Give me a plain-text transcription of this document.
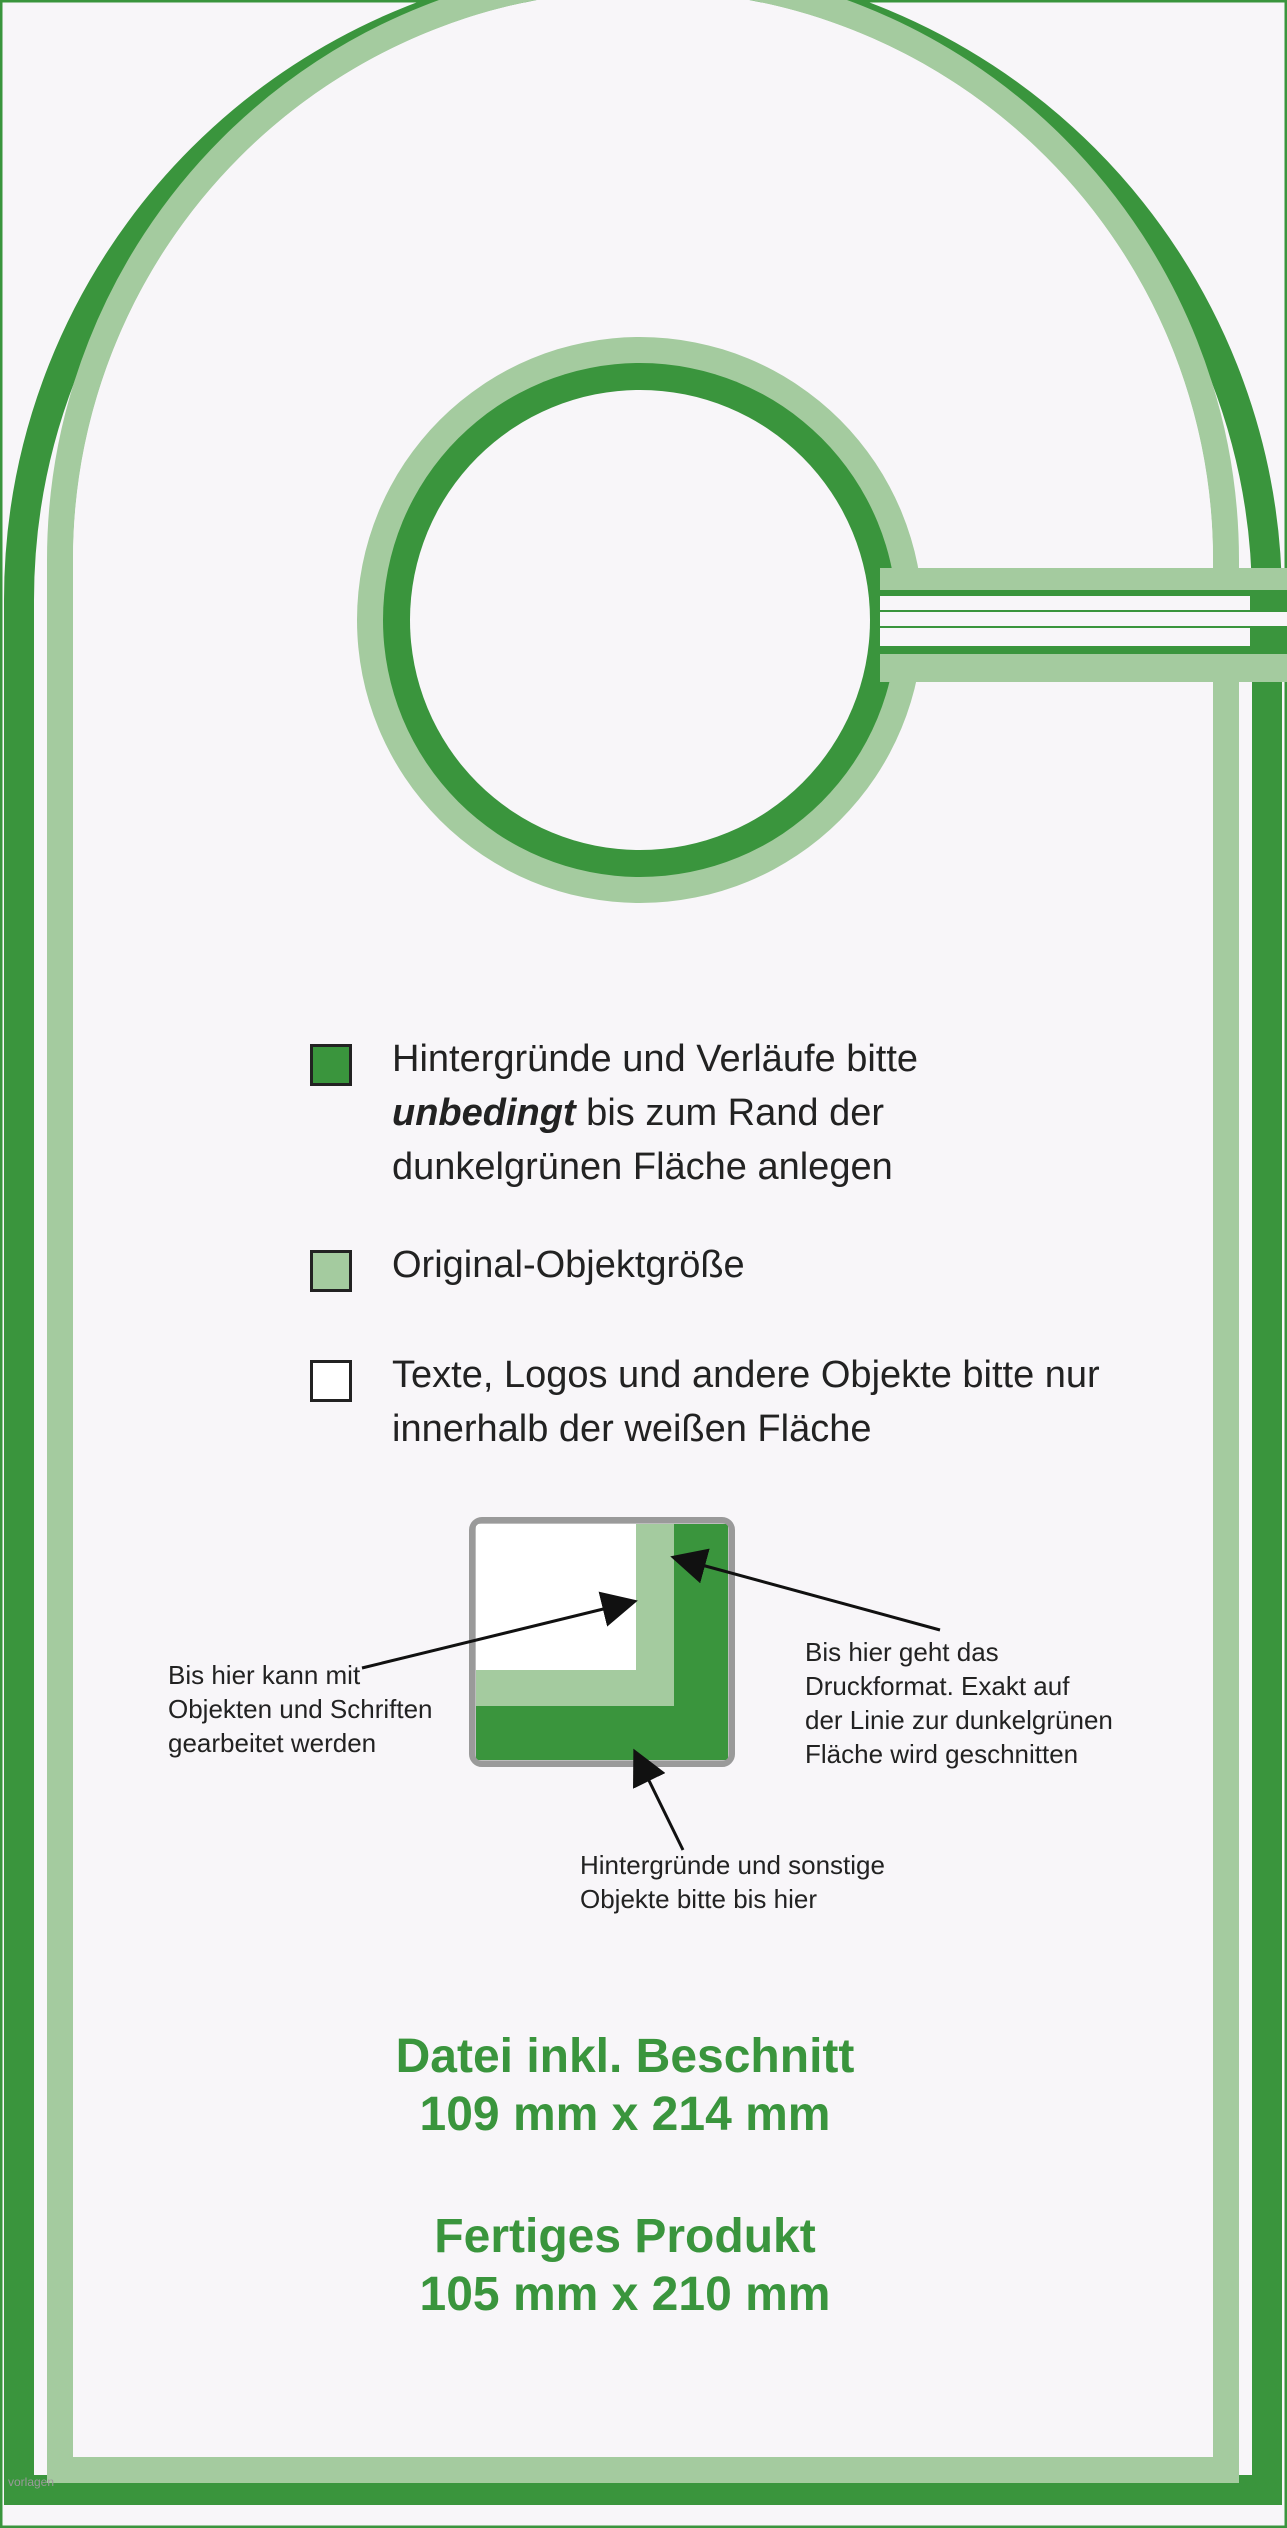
Hintergründe und Verläufe bitte
unbedingt bis zum Rand der
dunkelgrünen Fläche anlegen
Original-Objektgröße
Texte, Logos und andere Objekte bitte nur
innerhalb der weißen Fläche
Bis hier kann mit
Objekten und Schriften
gearbeitet werden
Bis hier geht das
Druckformat. Exakt auf
der Linie zur dunkelgrünen
Fläche wird geschnitten
Hintergründe und sonstige
Objekte bitte bis hier
Datei inkl. Beschnitt
109 mm x 214 mm
Fertiges Produkt
105 mm x 210 mm
vorlagen
